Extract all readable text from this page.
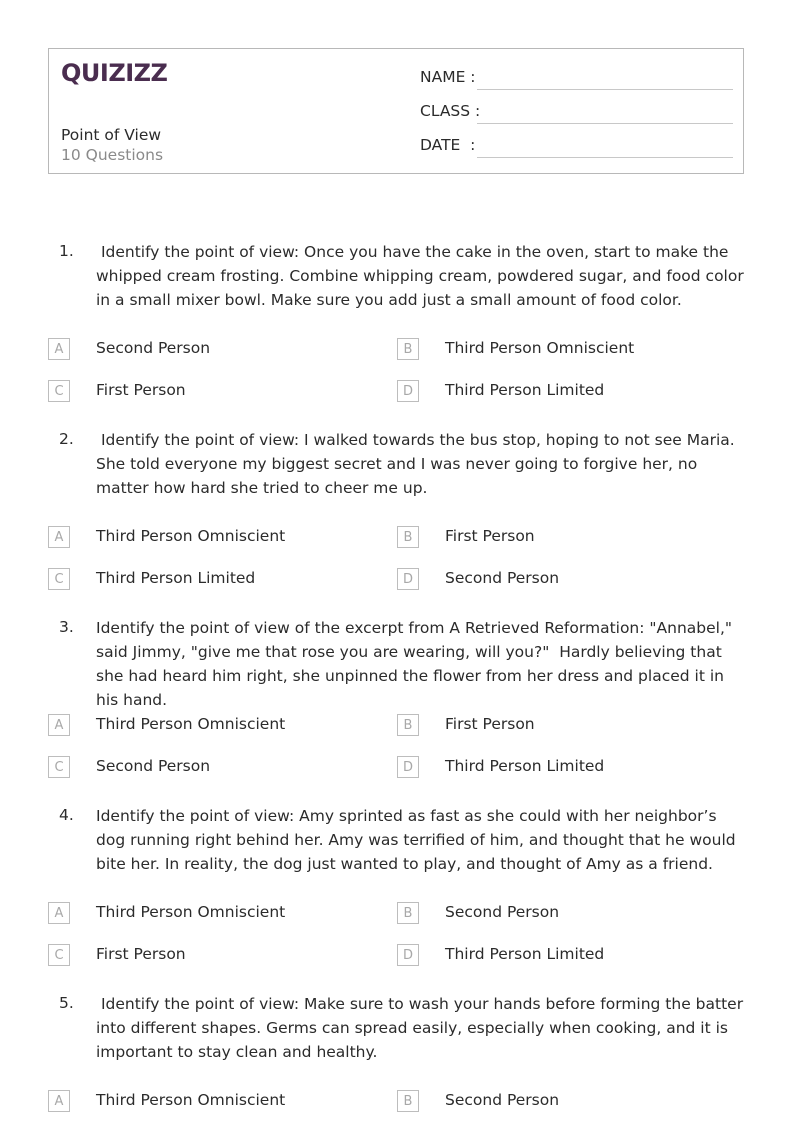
QUIZIZZ
Point of View
10 Questions
NAME :
CLASS :
DATE  :
1. Identify the point of view: Once you have the cake in the oven, start to make the whipped cream frosting. Combine whipping cream, powdered sugar, and food color in a small mixer bowl. Make sure you add just a small amount of food color.
A	Second Person	B	Third Person Omniscient
C	First Person	D	Third Person Limited
2. Identify the point of view: I walked towards the bus stop, hoping to not see Maria. She told everyone my biggest secret and I was never going to forgive her, no matter how hard she tried to cheer me up.
A	Third Person Omniscient	B	First Person
C	Third Person Limited	D	Second Person
3. Identify the point of view of the excerpt from A Retrieved Reformation: "Annabel," said Jimmy, "give me that rose you are wearing, will you?"  Hardly believing that she had heard him right, she unpinned the flower from her dress and placed it in his hand.
A	Third Person Omniscient	B	First Person
C	Second Person	D	Third Person Limited
4. Identify the point of view: Amy sprinted as fast as she could with her neighbor’s dog running right behind her. Amy was terrified of him, and thought that he would bite her. In reality, the dog just wanted to play, and thought of Amy as a friend.
A	Third Person Omniscient	B	Second Person
C	First Person	D	Third Person Limited
5. Identify the point of view: Make sure to wash your hands before forming the batter into different shapes. Germs can spread easily, especially when cooking, and it is important to stay clean and healthy.
A	Third Person Omniscient	B	Second Person
